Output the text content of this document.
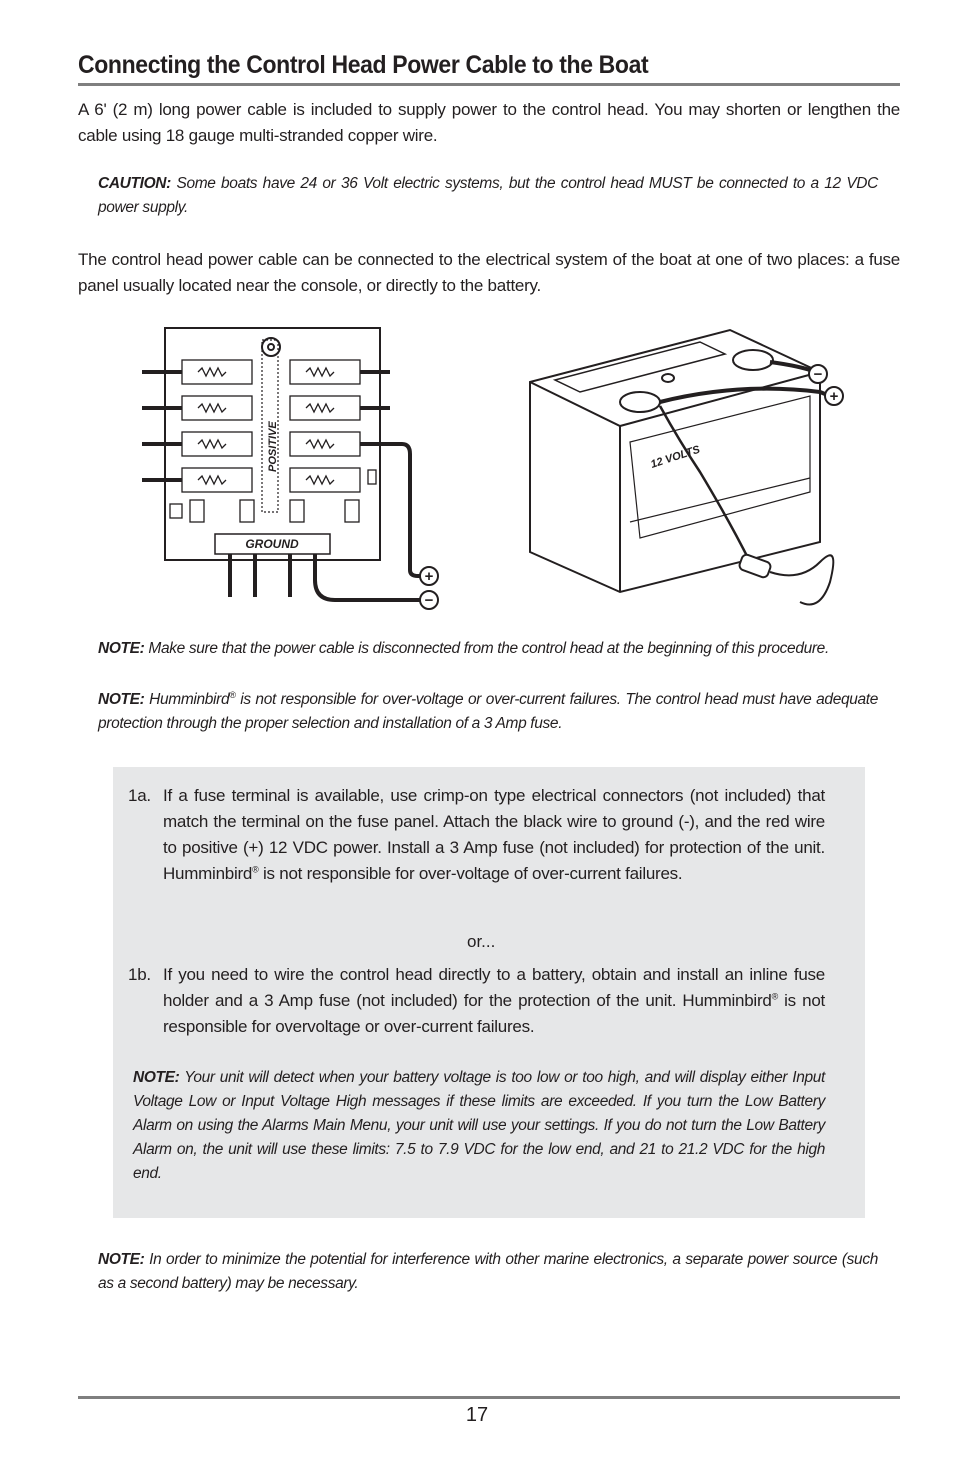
Connecting the Control Head Power Cable to the Boat
A 6' (2 m) long power cable is included to supply power to the control head. You may shorten or lengthen the cable using 18 gauge multi-stranded copper wire.
CAUTION: Some boats have 24 or 36 Volt electric systems, but the control head MUST be connected to a 12 VDC power supply.
The control head power cable can be connected to the electrical system of the boat at one of two places: a fuse panel usually located near the console, or directly to the battery.
POSITIVE
GROUND
12 VOLTS
+
−
−
+
NOTE: Make sure that the power cable is disconnected from the control head at the beginning of this procedure.
NOTE: Humminbird® is not responsible for over-voltage or over-current failures. The control head must have adequate protection through the proper selection and installation of a 3 Amp fuse.
1a. If a fuse terminal is available, use crimp-on type electrical connectors (not included) that match the terminal on the fuse panel. Attach the black wire to ground (-), and the red wire to positive (+) 12 VDC power. Install a 3 Amp fuse (not included) for protection of the unit. Humminbird® is not responsible for over-voltage of over-current failures.
or...
1b. If you need to wire the control head directly to a battery, obtain and install an inline fuse holder and a 3 Amp fuse (not included) for the protection of the unit. Humminbird® is not responsible for overvoltage or over-current failures.
NOTE: Your unit will detect when your battery voltage is too low or too high, and will display either Input Voltage Low or Input Voltage High messages if these limits are exceeded. If you turn the Low Battery Alarm on using the Alarms Main Menu, your unit will use your settings. If you do not turn the Low Battery Alarm on, the unit will use these limits: 7.5 to 7.9 VDC for the low end, and 21 to 21.2 VDC for the high end.
NOTE: In order to minimize the potential for interference with other marine electronics, a separate power source (such as a second battery) may be necessary.
17
